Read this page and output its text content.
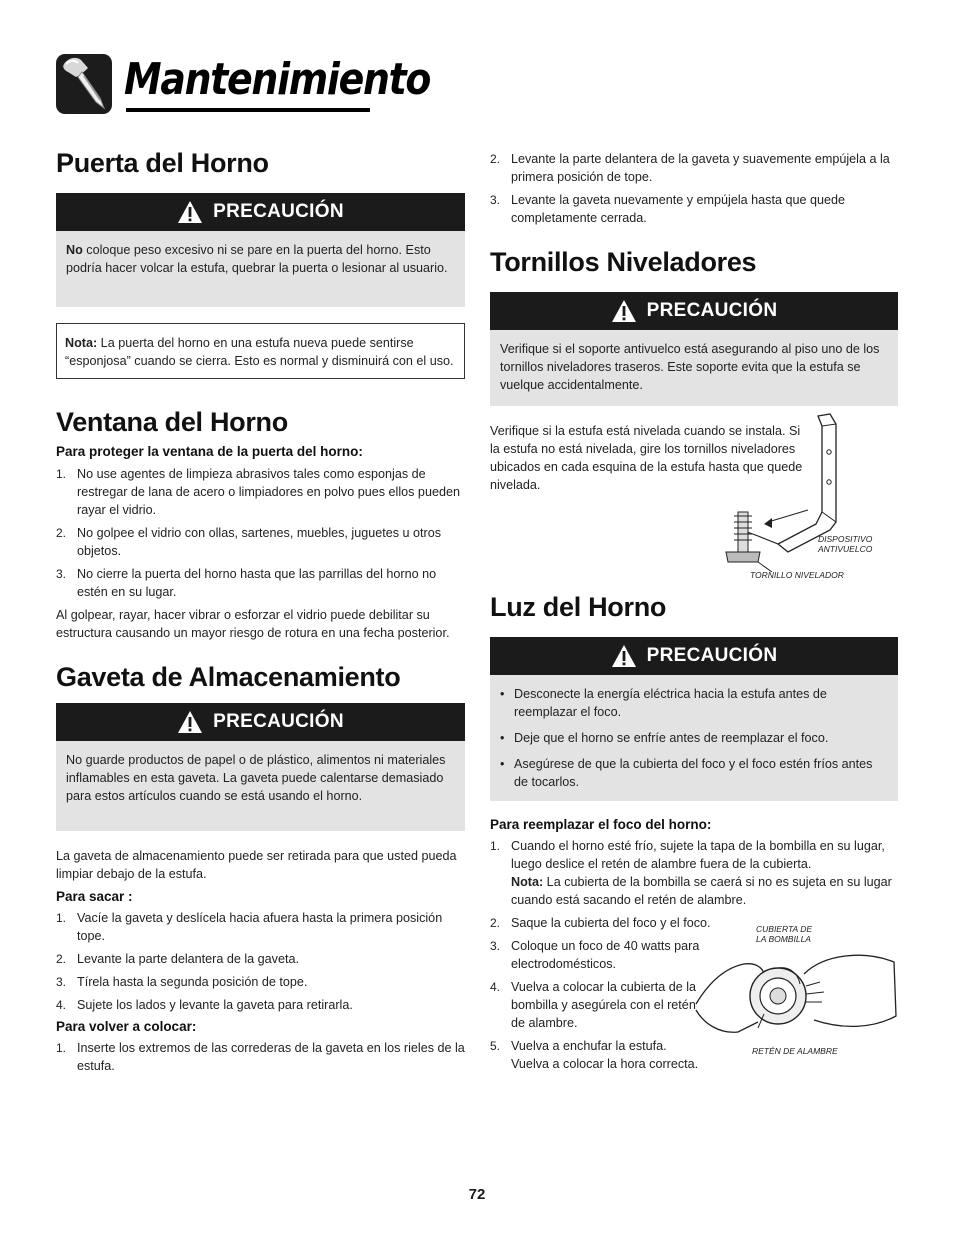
Mantenimiento
Puerta del Horno
PRECAUCIÓN

No coloque peso excesivo ni se pare en la puerta del horno. Esto podría hacer volcar la estufa, quebrar la puerta o lesionar al usuario.

Nota: La puerta del horno en una estufa nueva puede sentirse “esponjosa” cuando se cierra. Esto es normal y disminuirá con el uso.

Ventana del Horno
Para proteger la ventana de la puerta del horno:
1. No use agentes de limpieza abrasivos tales como esponjas de restregar de lana de acero o limpiadores en polvo pues ellos pueden rayar el vidrio.
2. No golpee el vidrio con ollas, sartenes, muebles, juguetes u otros objetos.
3. No cierre la puerta del horno hasta que las parrillas del horno no estén en su lugar.

Al golpear, rayar, hacer vibrar o esforzar el vidrio puede debilitar su estructura causando un mayor riesgo de rotura en una fecha posterior.

Gaveta de Almacenamiento
PRECAUCIÓN

No guarde productos de papel o de plástico, alimentos ni materiales inflamables en esta gaveta. La gaveta puede calentarse demasiado para estos artículos cuando se está usando el horno.

La gaveta de almacenamiento puede ser retirada para que usted pueda limpiar debajo de la estufa.

Para sacar :
1. Vacíe la gaveta y deslícela hacia afuera hasta la primera posición tope.
2. Levante la parte delantera de la gaveta.
3. Tírela hasta la segunda posición de tope.
4. Sujete los lados y levante la gaveta para retirarla.
Para volver a colocar:
1. Inserte los extremos de las correderas de la gaveta en los rieles de la estufa.
2. Levante la parte delantera de la gaveta y suavemente empújela a la primera posición de tope.
3. Levante la gaveta nuevamente y empújela hasta que quede completamente cerrada.
Tornillos Niveladores
PRECAUCIÓN

Verifique si el soporte antivuelco está asegurando al piso uno de los tornillos niveladores traseros. Este soporte evita que la estufa se vuelque accidentalmente.

Verifique si la estufa está nivelada cuando se instala. Si la estufa no está nivelada, gire los tornillos niveladores ubicados en cada esquina de la estufa hasta que quede nivelada.

DISPOSITIVO
ANTIVUELCO
TORNILLO NIVELADOR
Luz del Horno
PRECAUCIÓN
• Desconecte la energía eléctrica hacia la estufa antes de reemplazar el foco.
• Deje que el horno se enfríe antes de reemplazar el foco.
• Asegúrese de que la cubierta del foco y el foco estén fríos antes de tocarlos.
Para reemplazar el foco del horno:
1. Cuando el horno esté frío, sujete la tapa de la bombilla en su lugar, luego deslice el retén de alambre fuera de la cubierta.
Nota: La cubierta de la bombilla se caerá si no es sujeta en su lugar cuando está sacando el retén de alambre.
2. Saque la cubierta del foco y el foco.
3. Coloque un foco de 40 watts para electrodomésticos.
4. Vuelva a colocar la cubierta de la bombilla y asegúrela con el retén de alambre.
5. Vuelva a enchufar la estufa. Vuelva a colocar la hora correcta.
CUBIERTA DE
LA BOMBILLA
RETÉN DE ALAMBRE
72
